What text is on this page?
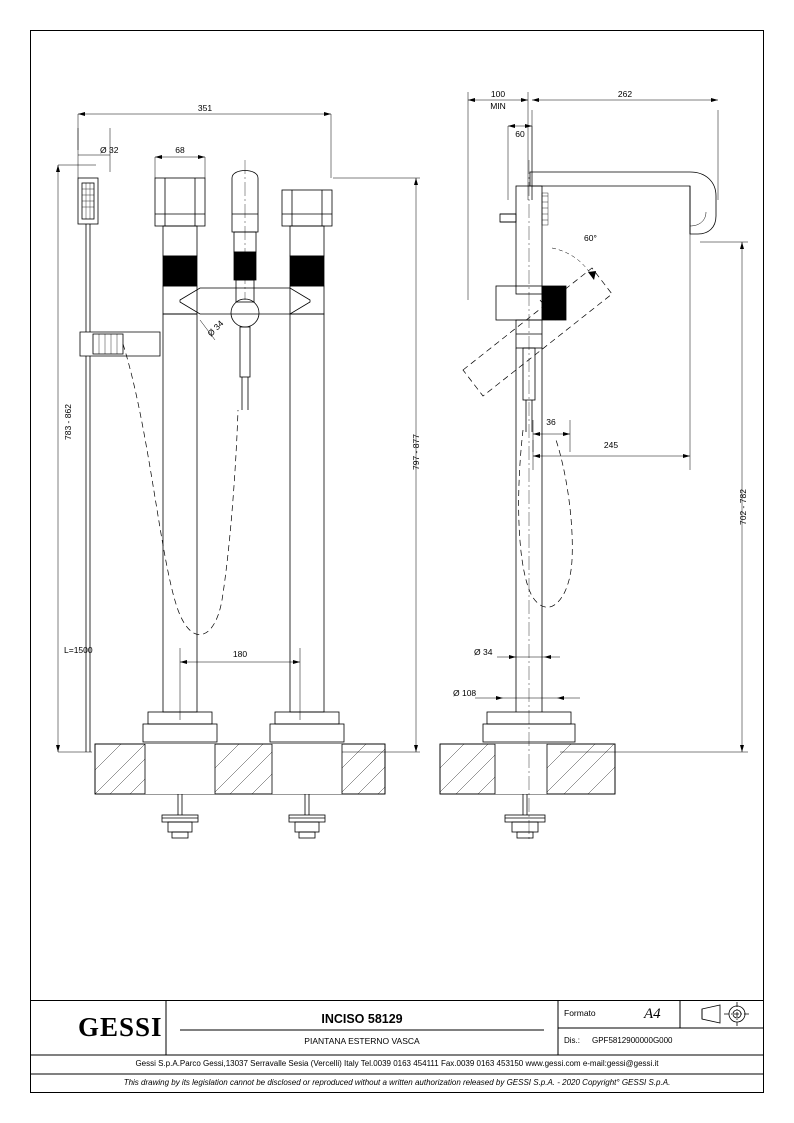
351
Ø 32	68
Ø 34
783 - 862
797 - 877
180
L=1500
100
MIN
60
262
60°
36
245
702 - 782
Ø 34
Ø 108
GESSI	INCISO 58129
PIANTANA ESTERNO VASCA
Formato	A4
Dis.: GPF5812900000G000
Gessi S.p.A.Parco Gessi,13037 Serravalle Sesia (Vercelli) Italy Tel.0039 0163 454111 Fax.0039 0163 453150 www.gessi.com e-mail:gessi@gessi.it
This drawing by its legislation cannot be disclosed or reproduced without a written authorization released by GESSI S.p.A. - 2020 Copyright° GESSI S.p.A.
